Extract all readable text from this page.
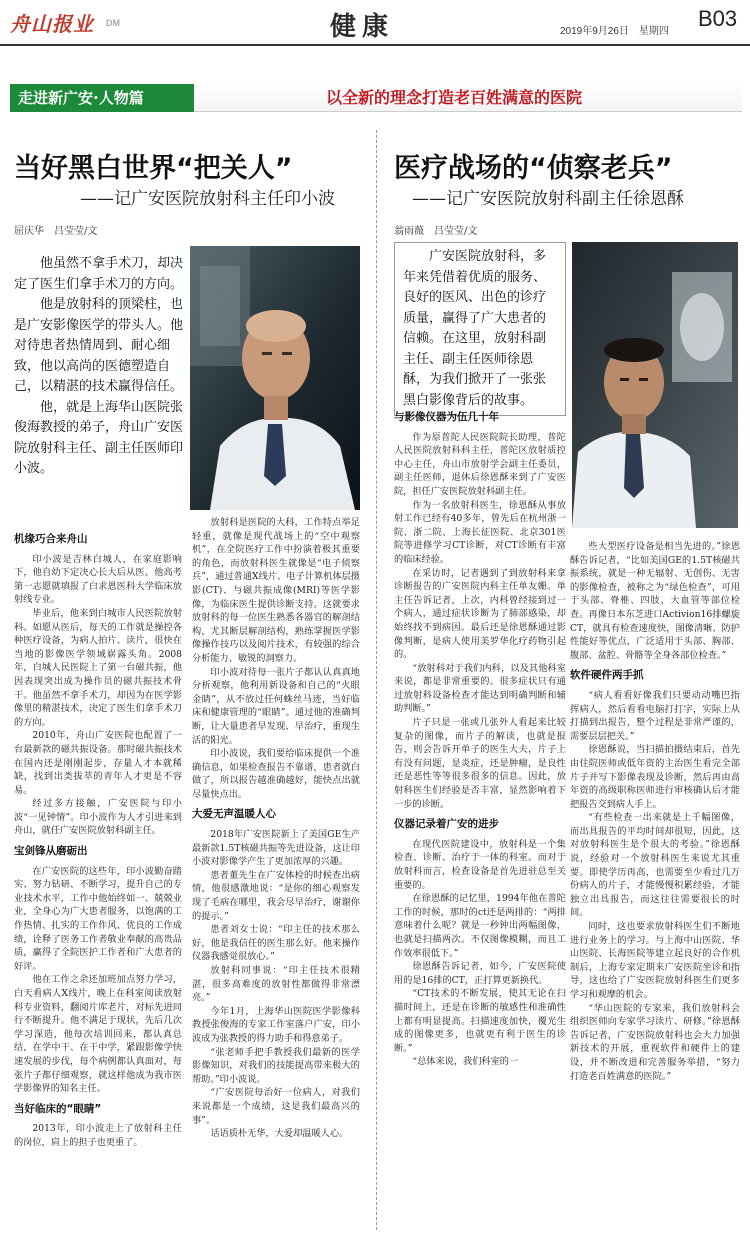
舟山报业 DM	健康	2019年9月26日　星期四
B03
走进新广安·人物篇	以全新的理念打造老百姓满意的医院
当好黑白世界“把关人”
——记广安医院放射科主任印小波
屈庆华　吕莹莹/文

他虽然不拿手术刀，却决定了医生们拿手术刀的方向。

他是放射科的顶梁柱，也是广安影像医学的带头人。他对待患者热情周到、耐心细致，他以高尚的医德塑造自己，以精湛的技术赢得信任。

他，就是上海华山医院张俊海教授的弟子，舟山广安医院放射科主任、副主任医师印小波。

机缘巧合来舟山

印小波是吉林白城人，在家庭影响下，他自幼下定决心长大后从医。他高考第一志愿就填报了白求恩医科大学临床放射线专业。

毕业后，他来到白城市人民医院放射科。如愿从医后，每天的工作就是操控各种医疗设备，为病人拍片、读片，很快在当地的影像医学领域崭露头角。2008年，白城人民医院上了第一台磁共振，他因表现突出成为操作员的磁共振技术骨干。他虽然不拿手术刀，却因为在医学影像里的精湛技术，决定了医生们拿手术刀的方向。

2010年，舟山广安医院也配置了一台最新款的磁共振设备。那时磁共振技术在国内还是刚刚起步，存量人才本就稀缺，找到出类拔萃的青年人才更是不容易。

经过多方接触，广安医院与印小波“一见钟情”。印小波作为人才引进来到舟山，就任广安医院放射科副主任。

宝剑锋从磨砺出

在广安医院的这些年，印小波勤奋踏实、努力钻研、不断学习，提升自己的专业技术水平，工作中他始终如一、兢兢业业，全身心为广大患者服务，以饱满的工作热情、扎实的工作作风、优良的工作成绩，诠释了医务工作者敬业奉献的高贵品质，赢得了全院医护工作者和广大患者的好评。

他在工作之余还加班加点努力学习，白天看病人X线片，晚上在科室阅读放射科专业资料，翻阅片库老片，对标先进同行不断提升。他不满足于现状，先后几次学习深造，他每次培训回来，都认真总结，在学中干、在干中学，紧跟影像学快速发展的步伐，每个病例都认真面对，每张片子都仔细观察，就这样他成为我市医学影像界的知名主任。

当好临床的“眼睛”

2013年，印小波走上了放射科主任的岗位，肩上的担子也更重了。

放射科是医院的大科，工作特点举足轻重，就像是现代战场上的“空中观察机”，在全院医疗工作中扮演着极其重要的角色，而放射科医生就像是“电子侦察兵”，通过普通X线片、电子计算机体层摄影(CT)、与磁共振成像(MRI)等医学影像，为临床医生提供诊断支持。这就要求放射科的每一位医生熟悉各器官的解剖结构，尤其断层解剖结构，熟练掌握医学影像操作技巧以及阅片技术，有较强的综合分析能力、敏锐的洞察力。

印小波对待每一张片子都认认真真地分析观察，他利用新设备和自己的“火眼金睛”，从不放过任何蛛丝马迹，当好临床和健康管理的“眼睛”。通过他的准确判断，让大量患者早发现、早治疗，重现生活的阳光。

印小波说，我们要给临床提供一个准确信息，如果检查报告不靠谱，患者就白做了，所以报告越准确越好，能快点出就尽量快点出。

大爱无声温暖人心

2018年广安医院新上了美国GE生产最新款1.5T核磁共振等先进设备，这让印小波对影像学产生了更加浓厚的兴趣。

患者董先生在广安体检的时候查出病情，他很感激地说：“是你的细心观察发现了毛病在哪里，我会尽早治疗，谢谢你的提示。”

患者刘女士说：“印主任的技术那么好，他是我信任的医生那么好。他来操作仪器我感觉很放心。”

放射科同事说：“印主任技术很精湛，很多高难度的放射性都做得非常漂亮。”

今年1月，上海华山医院医学影像科教授张俊海的专家工作室落户广安，印小波成为张教授的得力助手和得意弟子。

“张老师手把手教授我们最新的医学影像知识，对我们的技能提高带来极大的帮助。”印小波说。

“广安医院每治好一位病人，对我们来说都是一个成绩，这是我们最高兴的事”。

话语质朴无华，大爱却温暖人心。

医疗战场的“侦察老兵”
——记广安医院放射科副主任徐恩酥
翁雨薇　吕莹莹/文

广安医院放射科，多年来凭借着优质的服务、良好的医风、出色的诊疗质量，赢得了广大患者的信赖。在这里，放射科副主任、副主任医师徐恩酥，为我们掀开了一张张黑白影像背后的故事。

与影像仪器为伍几十年

作为原普陀人民医院院长助理，普陀人民医院放射科科主任，普陀区放射质控中心主任，舟山市放射学会副主任委员，副主任医师，退休后徐恩酥来到了广安医院，担任广安医院放射科副主任。

作为一名放射科医生，徐恩酥从事放射工作已经有40多年，曾先后在杭州浙一院、浙二院、上海长征医院、北京301医院等进修学习CT诊断，对CT诊断有丰富的临床经验。

在采访时，记者遇到了到放射科来拿诊断报告的广安医院内科主任单友姗。单主任告诉记者，上次，内科曾经接到过一个病人，通过症状诊断为了肺部感染，却始终找不到病因。最后还是徐恩酥通过影像判断，是病人使用美罗华化疗药物引起的。

“放射科对于我们内科，以及其他科室来说，都是非常重要的。很多症状只有通过放射科设备检查才能达到明确判断和辅助判断。”

片子只是一张或几张外人看起来比较复杂的图像，而片子的解读，也就是报告，则会告诉开单子的医生大夫，片子上有没有问题，是炎症，还是肿瘤，是良性还是恶性等等很多很多的信息。因此，放射科医生们经验是否丰富，显然影响着下一步的诊断。

仪器记录着广安的进步

在现代医院建设中，放射科是一个集检查、诊断、治疗于一体的科室。而对于放射科而言，检查设备是首先进驻总至关重要的。

在徐恩酥的记忆里，1994年他在普陀工作的时候，那时的ct还是两排的：“两排意味着什么呢？就是一秒钟出两幅图像，也就是扫描两次。不仅图像模糊，而且工作效率很低下。”

徐恩酥告诉记者，如今，广安医院使用的是16排的CT，正打算更新换代。

“CT技术的不断发展，使其无论在扫描时间上，还是在诊断的敏感性和准确性上都有明显提高。扫描速度加快，覆光生成的图像更多，也就更有利于医生的诊断。”

“总体来说，我们科室的一

些大型医疗设备是相当先进的。”徐恩酥告诉记者，“比如美国GE的1.5T核磁共振系统，就是一种无辐射、无创伤、无害的影像检查，被称之为“绿色检查”，可用于头部、脊椎、四肢、大血管等部位检查。再像日本东芝进口Activion16排螺旋CT，就具有检查速度快，图像清晰、防护性能好等优点，广泛适用于头部、胸部、腹部、盆腔、骨骼等全身各部位检查。”

软件硬件两手抓

“病人看看好像我们只要动动嘴巴指挥病人，然后看看电脑打打字，实际上从打描到出报告，整个过程是非常严谨的，需要层层把关。”

徐恩酥说，当扫描拍摄结束后，首先由住院医师或低年资的主治医生看完全部片子并写下影像表现及诊断，然后再由高年资的高级职称医师进行审核确认后才能把报告交到病人手上。

“有些检查一出来就是上千幅图像，而出具报告的平均时间却很短，因此，这对放射科医生是个很大的考验。”徐恩酥说，经验对一个放射科医生来说尤其重要。即使学历再高，也需要至少看过几万份病人的片子，才能慢慢积累经验，才能独立出具报告，而这往往需要很长的时间。

同时，这也要求放射科医生们不断地进行业务上的学习。与上海中山医院、华山医院、长海医院等建立起良好的合作机制后，上海专家定期来广安医院坐诊和指导，这也给了广安医院放射科医生们更多学习和观摩的机会。

“华山医院的专家来，我们放射科会组织医师向专家学习读片、研修。”徐恩酥告诉记者，广安医院放射科也会大力加强新技术的开展，重视软件和硬件上的建设，并不断改进和完善服务举措，“努力打造老百姓满意的医院。”
